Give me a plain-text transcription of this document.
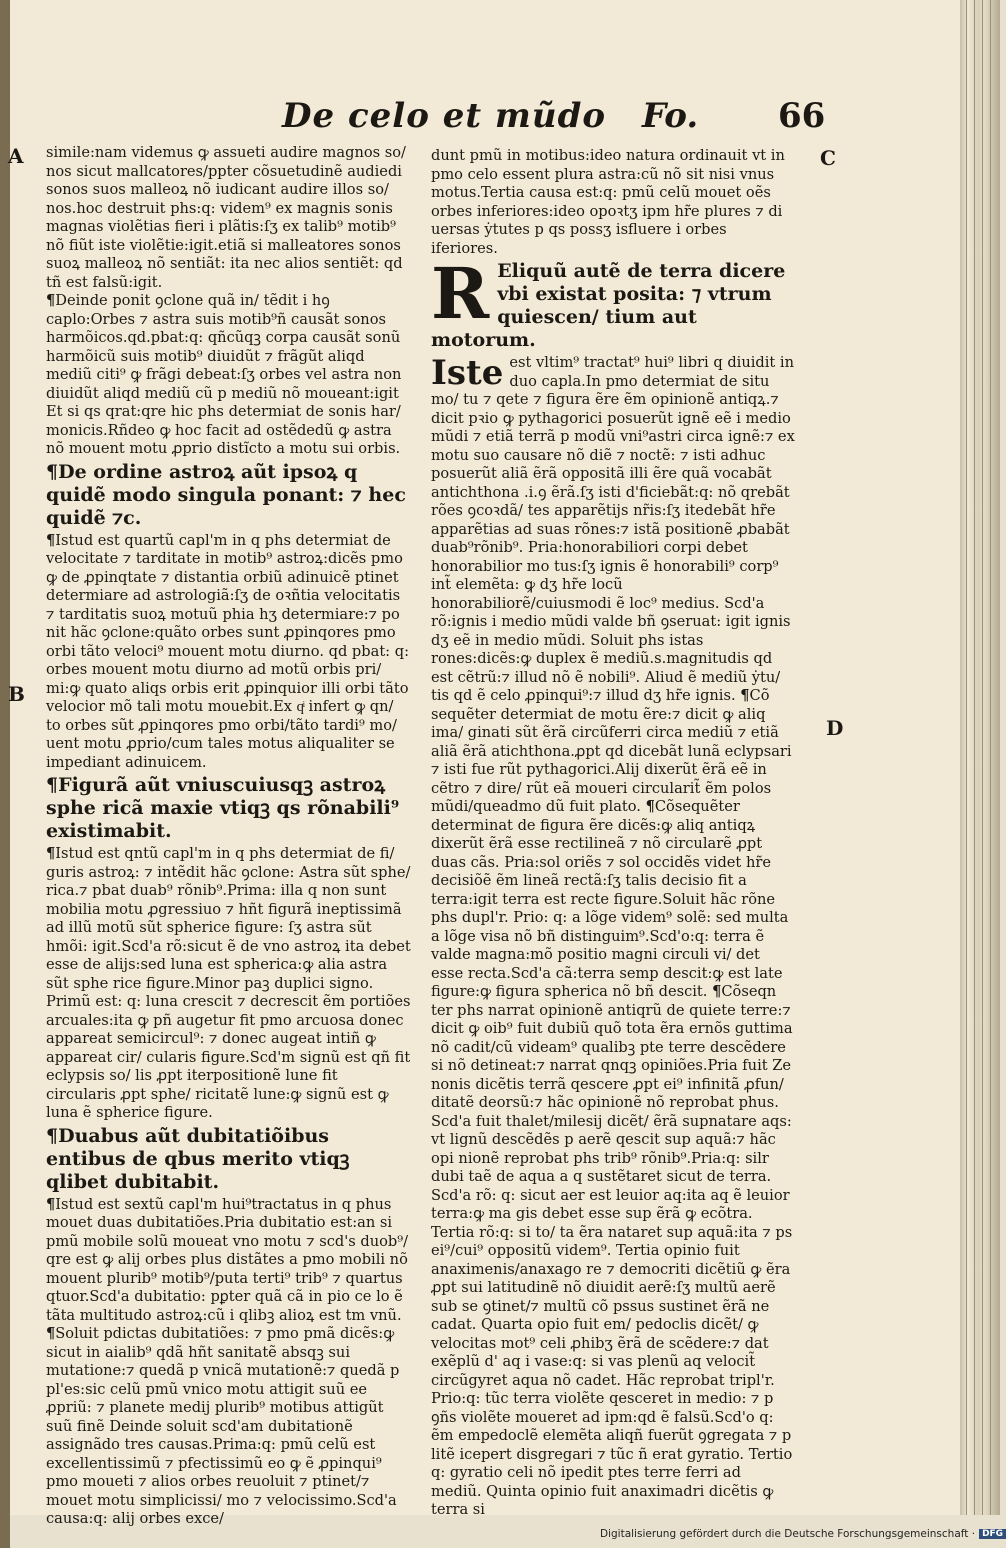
De celo et mũdo Fo. 66
A
B
C
D

simile:nam videmus ꝙ assueti audire magnos so/ nos sicut mallcatores/ppter cõsuetudinẽ audiedi sonos suos malleoꝝ nõ iudicant audire illos so/ nos.hoc destruit phs:q: videm⁹ ex magnis sonis magnas violẽtias fieri i plãtis:ſʒ ex talib⁹ motib⁹ nõ fiũt iste violẽtie:igit.etiã si malleatores sonos suoꝝ malleoꝝ nõ sentiãt: ita nec alios sentiẽt: qd tñ est falsũ:igit.

¶Deinde ponit ꝯclone quã in/ tẽdit i hꝯ caplo:Orbes ⁊ astra suis motib⁹ñ causãt sonos harmõicos.qd.pbat:q: qñcũqꝫ corpa causãt sonũ harmõicũ suis motib⁹ diuidũt ⁊ frãgũt aliqd mediũ citi⁹ ꝙ frãgi debeat:ſʒ orbes vel astra non diuidũt aliqd mediũ cũ p mediũ nõ moueant:igit Et si qs qrat:qre hic phs determiat de sonis har/ monicis.Rñdeo ꝙ hoc facit ad ostẽdedũ ꝙ astra nõ mouent motu ꝓprio distĩcto a motu sui orbis.

¶De ordine astroꝝ aũt ipsoꝝ q quidẽ modo singula ponant: ⁊ hec quidẽ ⁊c.

¶Istud est quartũ capl'm in q phs determiat de velocitate ⁊ tarditate in motib⁹ astroꝝ:dicẽs pmo ꝙ de ꝓpinqtate ⁊ distantia orbiũ adinuicẽ ptinet determiare ad astrologiã:ſʒ de oꝛñtia velocitatis ⁊ tarditatis suoꝝ motuũ phia hʒ determiare:⁊ po nit hãc ꝯclone:quãto orbes sunt ꝓpinqores pmo orbi tãto veloci⁹ mouent motu diurno. qd pbat: q: orbes mouent motu diurno ad motũ orbis pri/ mi:ꝙ quato aliqs orbis erit ꝓpinquior illi orbi tãto velocior mõ tali motu mouebit.Ex qͥ infert ꝙ qn/ to orbes sũt ꝓpinqores pmo orbi/tãto tardi⁹ mo/ uent motu ꝓprio/cum tales motus aliqualiter se impediant adinuicem.

¶Figurã aũt vniuscuiusqꝫ astroꝝ sphe ricã maxie vtiqꝫ qs rõnabili⁹ existimabit.

¶Istud est qntũ capl'm in q phs determiat de fi/ guris astroꝝ: ⁊ intẽdit hãc ꝯclone: Astra sũt sphe/ rica.⁊ pbat duab⁹ rõnib⁹.Prima: illa q non sunt mobilia motu ꝓgressiuo ⁊ hñt figurã ineptissimã ad illũ motũ sũt spherice figure: ſʒ astra sũt hmõi: igit.Scd'a rõ:sicut ẽ de vno astroꝝ ita debet esse de alijs:sed luna est spherica:ꝙ alia astra sũt sphe rice figure.Minor paꝫ duplici signo. Primũ est: q: luna crescit ⁊ decrescit ẽm portiões arcuales:ita ꝙ pñ augetur fit pmo arcuosa donec appareat semicircul⁹: ⁊ donec augeat intiñ ꝙ appareat cir/ cularis figure.Scd'm signũ est qñ fit eclypsis so/ lis ꝓpt iterpositionẽ lune fit circularis ꝓpt sphe/ ricitatẽ lune:ꝙ signũ est ꝙ luna ẽ spherice figure.

¶Duabus aũt dubitatiõibus entibus de qbus merito vtiqꝫ qlibet dubitabit.

¶Istud est sextũ capl'm hui⁹tractatus in q phus mouet duas dubitatiões.Pria dubitatio est:an si pmũ mobile solũ moueat vno motu ⁊ scd's duob⁹/ qre est ꝙ alij orbes plus distãtes a pmo mobili nõ mouent plurib⁹ motib⁹/puta terti⁹ trib⁹ ⁊ quartus qtuor.Scd'a dubitatio: pꝑter quã cã in pio ce lo ẽ tãta multitudo astroꝝ:cũ i qlibꝫ alioꝝ est tm vnũ. ¶Soluit pdictas dubitatiões: ⁊ pmo pmã dicẽs:ꝙ sicut in aialib⁹ qdã hñt sanitatẽ absqꝫ sui mutatione:⁊ quedã p vnicã mutationẽ:⁊ quedã p pl'es:sic celũ pmũ vnico motu attigit suũ ee ꝓpriũ: ⁊ planete medij plurib⁹ motibus attigũt suũ finẽ Deinde soluit scd'am dubitationẽ assignãdo tres causas.Prima:q: pmũ celũ est excellentissimũ ⁊ pfectissimũ eo ꝙ ẽ ꝓpinqui⁹ pmo moueti ⁊ alios orbes reuoluit ⁊ ptinet/⁊ mouet motu simplicissi/ mo ⁊ velocissimo.Scd'a causa:q: alij orbes exce/

dunt pmũ in motibus:ideo natura ordinauit vt in pmo celo essent plura astra:cũ nõ sit nisi vnus motus.Tertia causa est:q: pmũ celũ mouet oẽs orbes inferiores:ideo opoꝛtʒ ipm hr̃e plures ⁊ di uersas ẏtutes p qs possʒ isfluere i orbes iferiores.

R Eliquũ autẽ de terra dicere vbi existat posita: ⁊ vtrum quiescen/ tium aut motorum.

Iste est vltim⁹ tractat⁹ hui⁹ libri q diuidit in duo capla.In pmo determiat de situ mo/ tu ⁊ qete ⁊ figura ẽre ẽm opinionẽ antiqꝝ.⁊ dicit pꝛio ꝙ pythagorici posuerũt ignẽ eẽ i medio mũdi ⁊ etiã terrã p modũ vni⁹astri circa ignẽ:⁊ ex motu suo causare nõ diẽ ⁊ noctẽ: ⁊ isti adhuc posuerũt aliã ẽrã oppositã illi ẽre quã vocabãt antichthona .i.ꝯ ẽrã.ſʒ isti d'ficiebãt:q: nõ qrebãt rões ꝯcoꝛdã/ tes apparẽtijs nr̃is:ſʒ itedebãt hr̃e apparẽtias ad suas rõnes:⁊ istã positionẽ ꝓbabãt duab⁹rõnib⁹. Pria:honorabiliori corpi debet honorabilior mo tus:ſʒ ignis ẽ honorabili⁹ corp⁹ int̃ elemẽta: ꝙ dʒ hr̃e locũ honorabiliorẽ/cuiusmodi ẽ loc⁹ medius. Scd'a rõ:ignis i medio mũdi valde bñ ꝯseruat: igit ignis dʒ eẽ in medio mũdi. Soluit phs istas rones:dicẽs:ꝙ duplex ẽ mediũ.s.magnitudis qd est cẽtrũ:⁊ illud nõ ẽ nobili⁹. Aliud ẽ mediũ ẏtu/ tis qd ẽ celo ꝓpinqui⁹:⁊ illud dʒ hr̃e ignis. ¶Cõ sequẽter determiat de motu ẽre:⁊ dicit ꝙ aliq ima/ ginati sũt ẽrã circũferri circa mediũ ⁊ etiã aliã ẽrã atichthona.ꝓpt qd dicebãt lunã eclypsari ⁊ isti fue rũt pythagorici.Alij dixerũt ẽrã eẽ in cẽtro ⁊ dire/ rũt eã moueri circularit̃ ẽm polos mũdi/queadmo dũ fuit plato. ¶Cõsequẽter determinat de figura ẽre dicẽs:ꝙ aliq antiqꝝ dixerũt ẽrã esse rectilineã ⁊ nõ circularẽ ꝓpt duas cãs. Pria:sol oriẽs ⁊ sol occidẽs videt hr̃e decisiõẽ ẽm lineã rectã:ſʒ talis decisio fit a terra:igit terra est recte figure.Soluit hãc rõne phs dupl'r. Prio: q: a lõge videm⁹ solẽ: sed multa a lõge visa nõ bñ distinguim⁹.Scd'o:q: terra ẽ valde magna:mõ positio magni circuli vi/ det esse recta.Scd'a cã:terra semp descit:ꝙ est late figure:ꝙ figura spherica nõ bñ descit. ¶Cõseqn ter phs narrat opinionẽ antiqrũ de quiete terre:⁊ dicit ꝙ oib⁹ fuit dubiũ quõ tota ẽra ernõs guttima nõ cadit/cũ videam⁹ qualibꝫ pte terre descẽdere si nõ detineat:⁊ narrat qnqꝫ opiniões.Pria fuit Ze nonis dicẽtis terrã qescere ꝓpt ei⁹ infinitã ꝓfun/ ditatẽ deorsũ:⁊ hãc opinionẽ nõ reprobat phus. Scd'a fuit thalet/milesij dicẽt/ ẽrã supnatare aqs: vt lignũ descẽdẽs p aerẽ qescit sup aquã:⁊ hãc opi nionẽ reprobat phs trib⁹ rõnib⁹.Pria:q: silr dubi taẽ de aqua a q sustẽtaret sicut de terra. Scd'a rõ: q: sicut aer est leuior aq:ita aq ẽ leuior terra:ꝙ ma gis debet esse sup ẽrã ꝙ ecõtra. Tertia rõ:q: si to/ ta ẽra nataret sup aquã:ita ⁊ ps ei⁹/cui⁹ oppositũ videm⁹. Tertia opinio fuit anaximenis/anaxago re ⁊ democriti dicẽtiũ ꝙ ẽra ꝓpt sui latitudinẽ nõ diuidit aerẽ:ſʒ multũ aerẽ sub se ꝯtinet/⁊ multũ cõ pssus sustinet ẽrã ne cadat. Quarta opio fuit em/ pedoclis dicẽt/ ꝙ velocitas mot⁹ celi ꝓhibʒ ẽrã de scẽdere:⁊ dat exẽplũ d' aq i vase:q: si vas plenũ aq velocit̃ circũgyret aqua nõ cadet. Hãc reprobat tripl'r. Prio:q: tũc terra violẽte qesceret in medio: ⁊ p ꝯñs violẽte moueret ad ipm:qd ẽ falsũ.Scd'o q: ẽm empedoclẽ elemẽta aliqñ fuerũt ꝯgregata ⁊ p litẽ icepert disgregari ⁊ tũc ñ erat gyratio. Tertio q: gyratio celi nõ ipedit ptes terre ferri ad mediũ. Quinta opinio fuit anaximadri dicẽtis ꝙ terra si

Digitalisierung gefördert durch die Deutsche Forschungsgemeinschaft · DFG
